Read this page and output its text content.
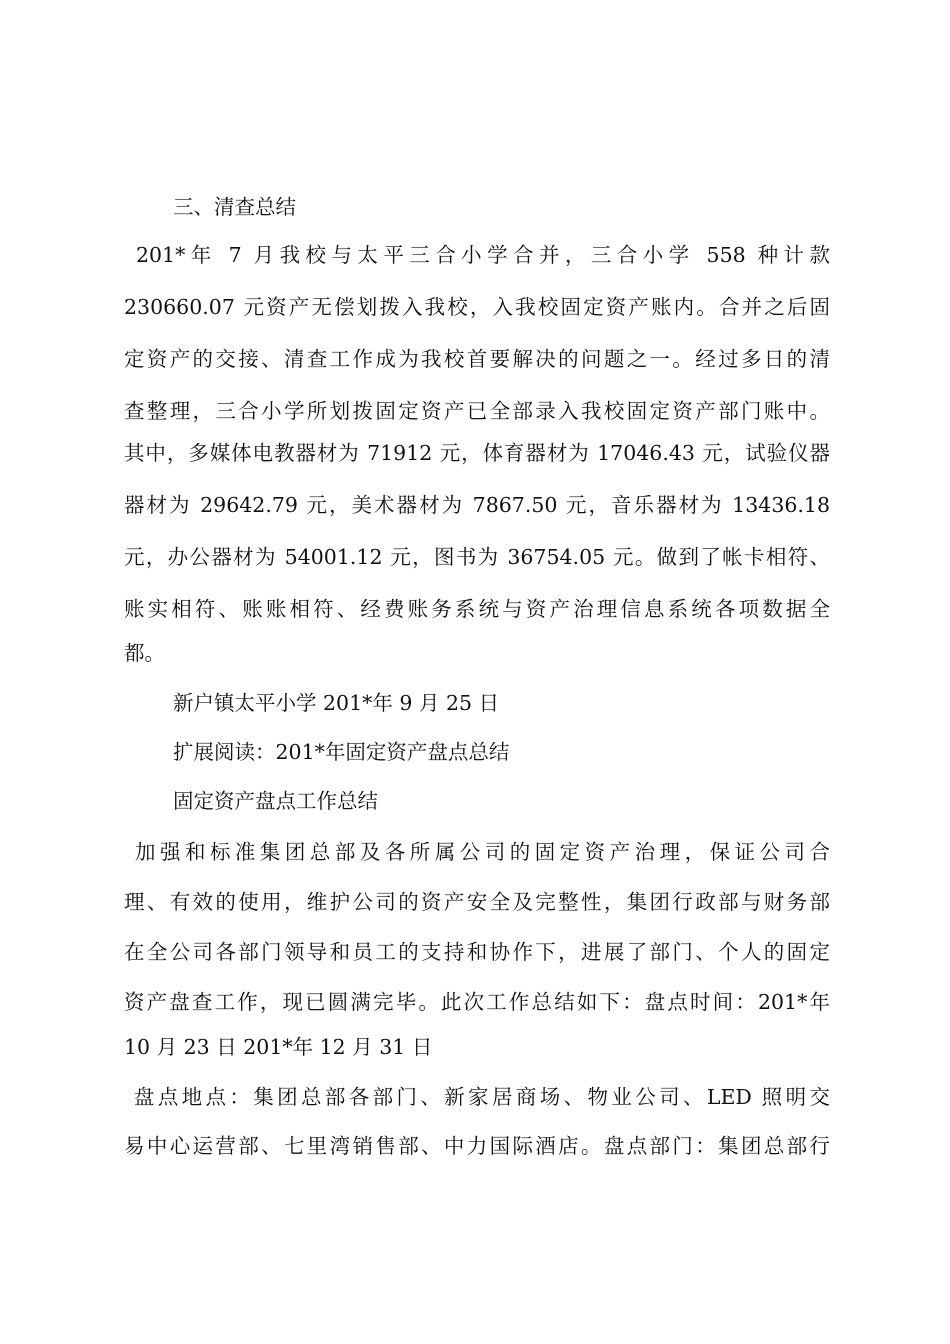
三、清查总结
201*年 7 月我校与太平三合小学合并，三合小学 558 种计款
230660.07 元资产无偿划拨入我校，入我校固定资产账内。合并之后固
定资产的交接、清查工作成为我校首要解决的问题之一。经过多日的清
查整理，三合小学所划拨固定资产已全部录入我校固定资产部门账中。
其中，多媒体电教器材为 71912 元，体育器材为 17046.43 元，试验仪器
器材为 29642.79 元，美术器材为 7867.50 元，音乐器材为 13436.18
元，办公器材为 54001.12 元，图书为 36754.05 元。做到了帐卡相符、
账实相符、账账相符、经费账务系统与资产治理信息系统各项数据全
都。
新户镇太平小学 201*年 9 月 25 日
扩展阅读：201*年固定资产盘点总结
固定资产盘点工作总结
加强和标准集团总部及各所属公司的固定资产治理，保证公司合
理、有效的使用，维护公司的资产安全及完整性，集团行政部与财务部
在全公司各部门领导和员工的支持和协作下，进展了部门、个人的固定
资产盘查工作，现已圆满完毕。此次工作总结如下：盘点时间：201*年
10 月 23 日 201*年 12 月 31 日
盘点地点：集团总部各部门、新家居商场、物业公司、LED 照明交
易中心运营部、七里湾销售部、中力国际酒店。盘点部门：集团总部行
